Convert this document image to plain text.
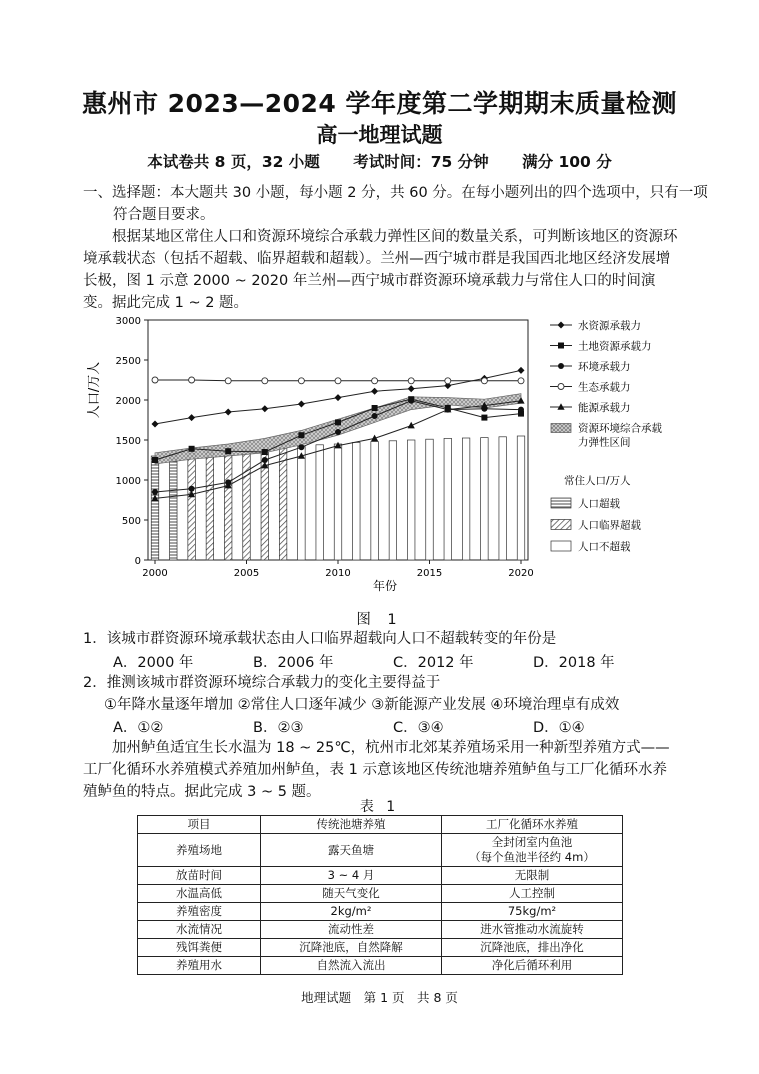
惠州市 2023—2024 学年度第二学期期末质量检测
高一地理试题
本试卷共 8 页，32 小题 考试时间：75 分钟 满分 100 分
一、选择题：本大题共 30 小题，每小题 2 分，共 60 分。在每小题列出的四个选项中，只有一项符合题目要求。
根据某地区常住人口和资源环境综合承载力弹性区间的数量关系，可判断该地区的资源环境承载状态（包括不超载、临界超载和超载）。兰州—西宁城市群是我国西北地区经济发展增长极，图 1 示意 2000 ~ 2020 年兰州—西宁城市群资源环境承载力与常住人口的时间演变。据此完成 1 ~ 2 题。
0
500
1000
1500
2000
2500
3000
2000	2005	2010	2015	2020
人口/万人
年份
水资源承载力
土地资源承载力
环境承载力
生态承载力
能源承载力
资源环境综合承载
力弹性区间
常住人口/万人
人口超载
人口临界超载
人口不超载
图 1
1．该城市群资源环境承载状态由人口临界超载向人口不超载转变的年份是
A．2000 年	B．2006 年	C．2012 年	D．2018 年
2．推测该城市群资源环境综合承载力的变化主要得益于
①年降水量逐年增加 ②常住人口逐年减少 ③新能源产业发展 ④环境治理卓有成效
A．①②	B．②③	C．③④	D．①④
加州鲈鱼适宜生长水温为 18 ~ 25℃，杭州市北郊某养殖场采用一种新型养殖方式——工厂化循环水养殖模式养殖加州鲈鱼，表 1 示意该地区传统池塘养殖鲈鱼与工厂化循环水养殖鲈鱼的特点。据此完成 3 ~ 5 题。
表 1
项目	传统池塘养殖	工厂化循环水养殖
养殖场地	露天鱼塘	全封闭室内鱼池
（每个鱼池半径约 4m）
放苗时间	3 ~ 4 月	无限制
水温高低	随天气变化	人工控制
养殖密度	2kg/m²	75kg/m²
水流情况	流动性差	进水管推动水流旋转
残饵粪便	沉降池底，自然降解	沉降池底，排出净化
养殖用水	自然流入流出	净化后循环利用
地理试题　第 1 页　共 8 页
